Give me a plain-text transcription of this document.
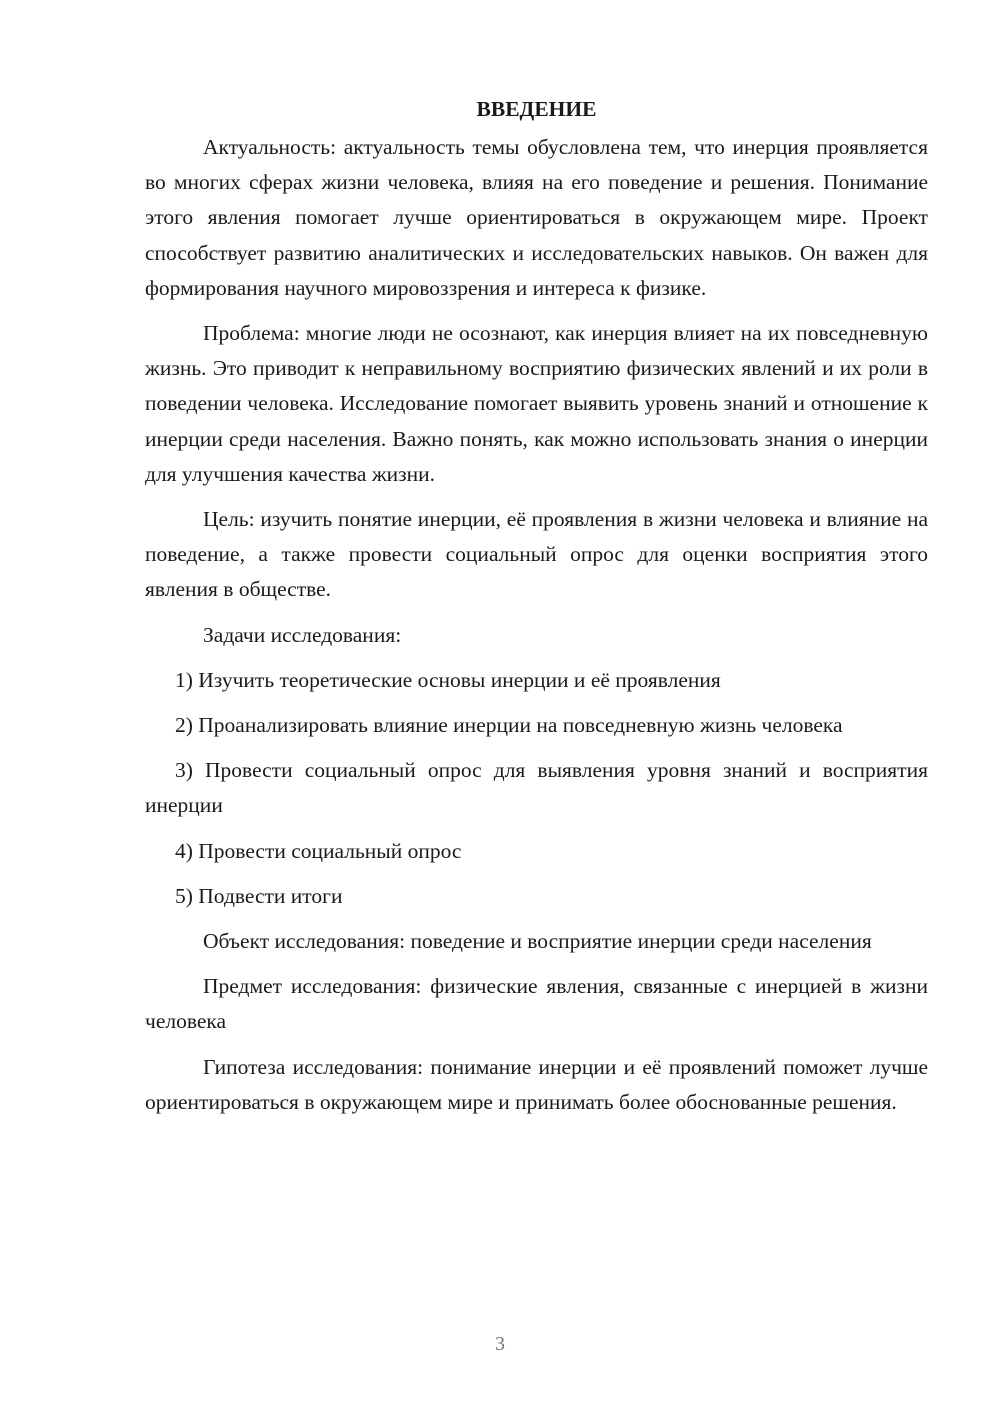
ВВЕДЕНИЕ

Актуальность: актуальность темы обусловлена тем, что инерция проявляется во многих сферах жизни человека, влияя на его поведение и решения. Понимание этого явления помогает лучше ориентироваться в окружающем мире. Проект способствует развитию аналитических и исследовательских навыков. Он важен для формирования научного мировоззрения и интереса к физике.

Проблема: многие люди не осознают, как инерция влияет на их повседневную жизнь. Это приводит к неправильному восприятию физических явлений и их роли в поведении человека. Исследование помогает выявить уровень знаний и отношение к инерции среди населения. Важно понять, как можно использовать знания о инерции для улучшения качества жизни.

Цель: изучить понятие инерции, её проявления в жизни человека и влияние на поведение, а также провести социальный опрос для оценки восприятия этого явления в обществе.

Задачи исследования:

1) Изучить теоретические основы инерции и её проявления

2) Проанализировать влияние инерции на повседневную жизнь человека

3) Провести социальный опрос для выявления уровня знаний и восприятия инерции

4) Провести социальный опрос

5) Подвести итоги

Объект исследования: поведение и восприятие инерции среди населения

Предмет исследования: физические явления, связанные с инерцией в жизни человека

Гипотеза исследования: понимание инерции и её проявлений поможет лучше ориентироваться в окружающем мире и принимать более обоснованные решения.

3
